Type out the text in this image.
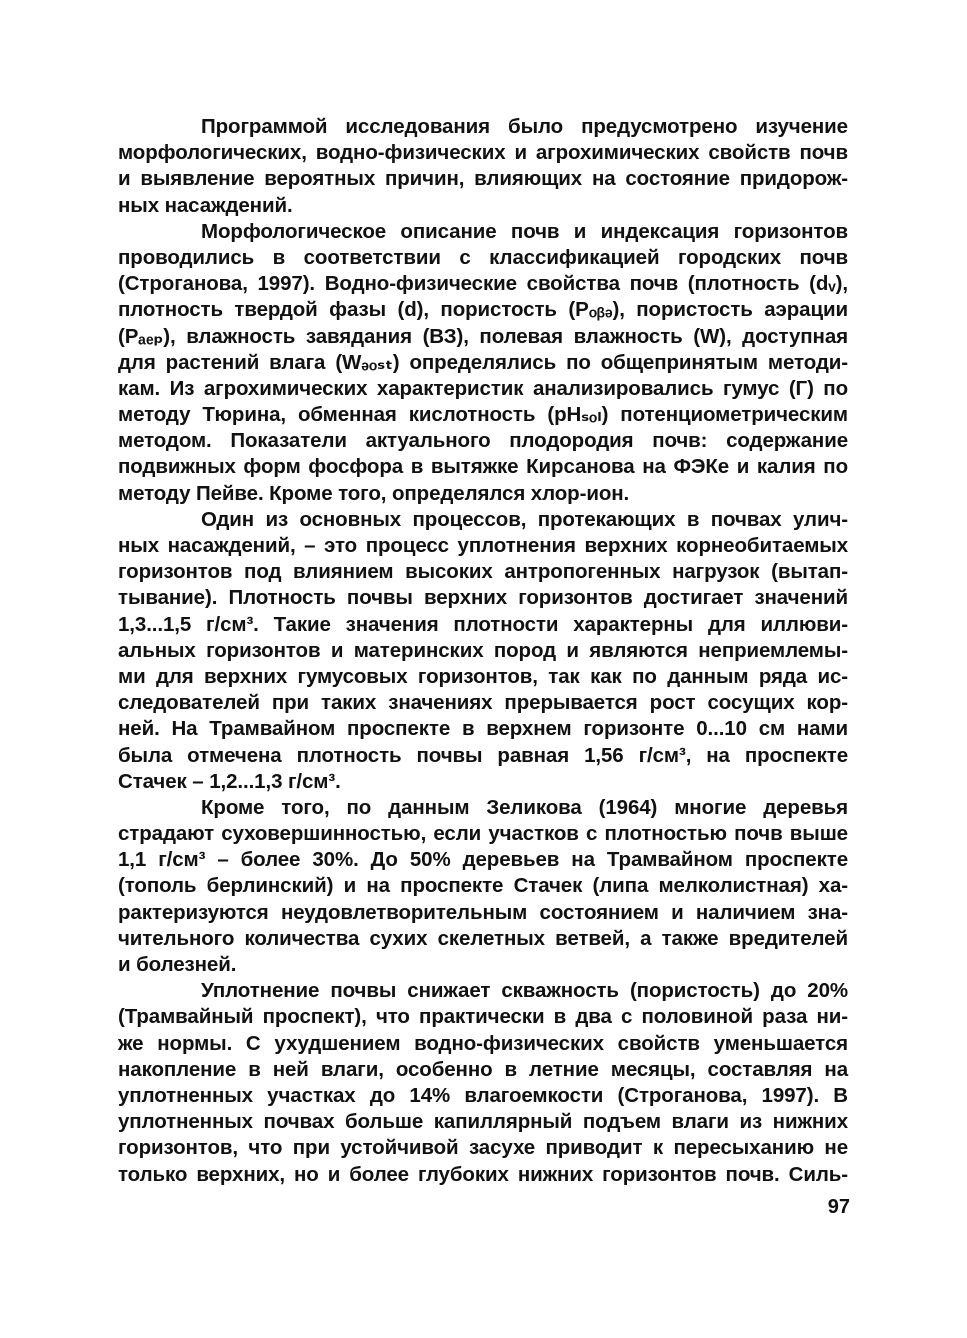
Программой исследования было предусмотрено изучение
морфологических, водно-физических и агрохимических свойств почв
и выявление вероятных причин, влияющих на состояние придорож-
ных насаждений.
Морфологическое описание почв и индексация горизонтов
проводились в соответствии с классификацией городских почв
(Строганова, 1997). Водно-физические свойства почв (плотность (dᵥ),
плотность твердой фазы (d), пористость (Pₒᵦₔ), пористость аэрации
(Pₐₑₚ), влажность завядания (ВЗ), полевая влажность (W), доступная
для растений влага (Wₔₒₛₜ) определялись по общепринятым методи-
кам. Из агрохимических характеристик анализировались гумус (Г) по
методу Тюрина, обменная кислотность (pHₛₒₗ) потенциометрическим
методом. Показатели актуального плодородия почв: содержание
подвижных форм фосфора в вытяжке Кирсанова на ФЭКе и калия по
методу Пейве. Кроме того, определялся хлор-ион.
Один из основных процессов, протекающих в почвах улич-
ных насаждений, – это процесс уплотнения верхних корнеобитаемых
горизонтов под влиянием высоких антропогенных нагрузок (вытап-
тывание). Плотность почвы верхних горизонтов достигает значений
1,3...1,5 г/см³. Такие значения плотности характерны для иллюви-
альных горизонтов и материнских пород и являются неприемлемы-
ми для верхних гумусовых горизонтов, так как по данным ряда ис-
следователей при таких значениях прерывается рост сосущих кор-
ней. На Трамвайном проспекте в верхнем горизонте 0...10 см нами
была отмечена плотность почвы равная 1,56 г/см³, на проспекте
Стачек – 1,2...1,3 г/см³.
Кроме того, по данным Зеликова (1964) многие деревья
страдают суховершинностью, если участков с плотностью почв выше
1,1 г/см³ – более 30%. До 50% деревьев на Трамвайном проспекте
(тополь берлинский) и на проспекте Стачек (липа мелколистная) ха-
рактеризуются неудовлетворительным состоянием и наличием зна-
чительного количества сухих скелетных ветвей, а также вредителей
и болезней.
Уплотнение почвы снижает скважность (пористость) до 20%
(Трамвайный проспект), что практически в два с половиной раза ни-
же нормы. С ухудшением водно-физических свойств уменьшается
накопление в ней влаги, особенно в летние месяцы, составляя на
уплотненных участках до 14% влагоемкости (Строганова, 1997). В
уплотненных почвах больше капиллярный подъем влаги из нижних
горизонтов, что при устойчивой засухе приводит к пересыханию не
только верхних, но и более глубоких нижних горизонтов почв. Силь-
97
